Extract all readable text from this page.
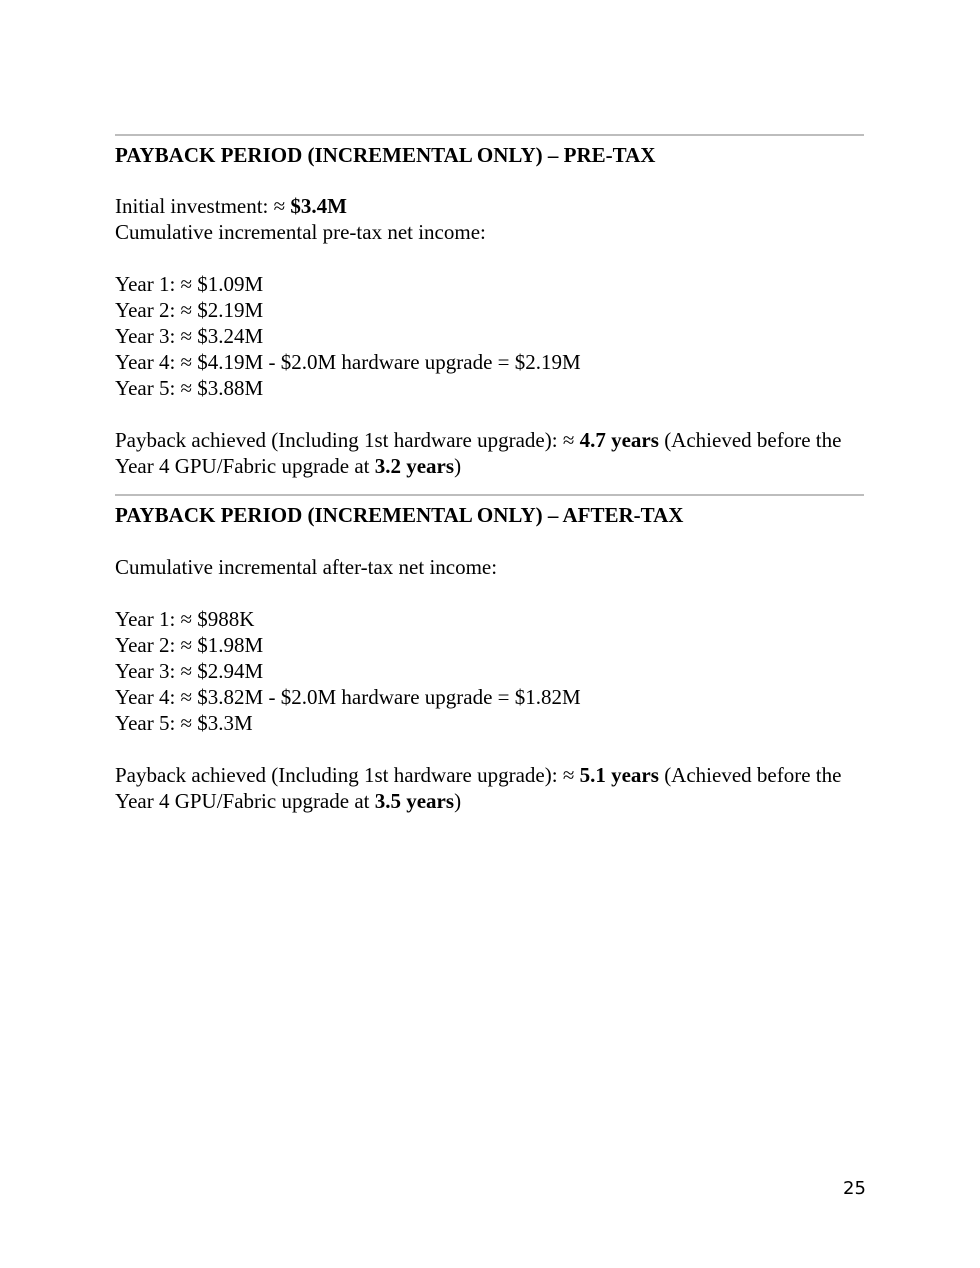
PAYBACK PERIOD (INCREMENTAL ONLY) – PRE-TAX
Initial investment: ≈ $3.4M
Cumulative incremental pre-tax net income:
Year 1: ≈ $1.09M
Year 2: ≈ $2.19M
Year 3: ≈ $3.24M
Year 4: ≈ $4.19M - $2.0M hardware upgrade = $2.19M
Year 5: ≈ $3.88M
Payback achieved (Including 1st hardware upgrade): ≈ 4.7 years (Achieved before the Year 4 GPU/Fabric upgrade at 3.2 years)
PAYBACK PERIOD (INCREMENTAL ONLY) – AFTER-TAX
Cumulative incremental after-tax net income:
Year 1: ≈ $988K
Year 2: ≈ $1.98M
Year 3: ≈ $2.94M
Year 4: ≈ $3.82M - $2.0M hardware upgrade = $1.82M
Year 5: ≈ $3.3M
Payback achieved (Including 1st hardware upgrade): ≈ 5.1 years (Achieved before the Year 4 GPU/Fabric upgrade at 3.5 years)
25
